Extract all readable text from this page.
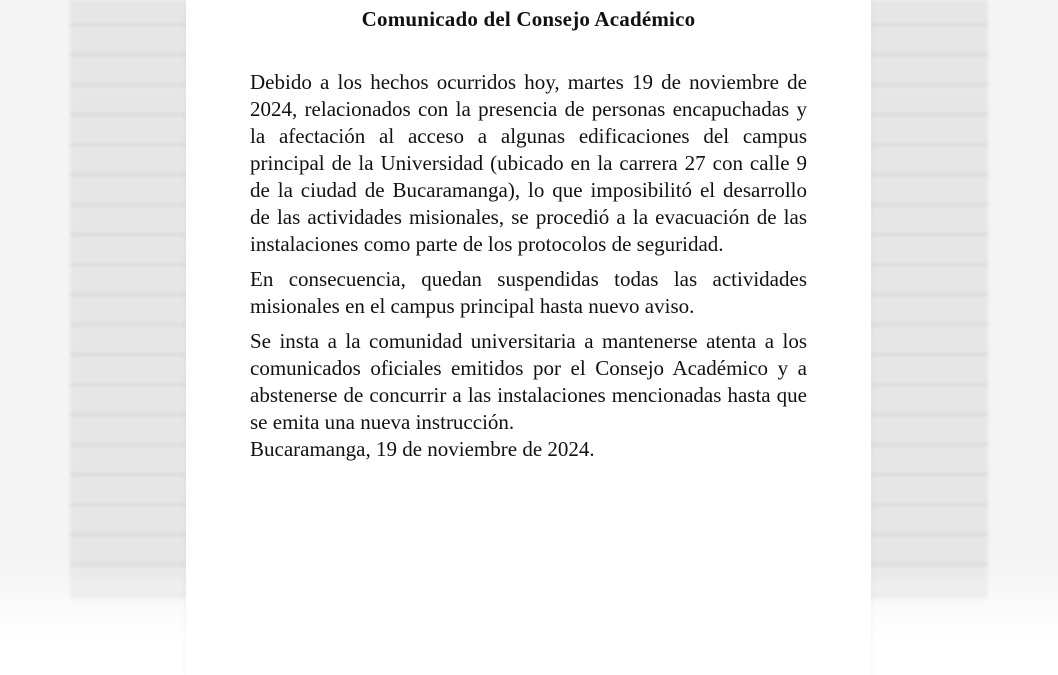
Comunicado del Consejo Académico

Debido a los hechos ocurridos hoy, martes 19 de noviembre de 2024, relacionados con la presencia de personas encapuchadas y la afectación al acceso a algunas edificaciones del campus principal de la Universidad (ubicado en la carrera 27 con calle 9 de la ciudad de Bucaramanga), lo que imposibilitó el desarrollo de las actividades misionales, se procedió a la evacuación de las instalaciones como parte de los protocolos de seguridad.

En consecuencia, quedan suspendidas todas las actividades misionales en el campus principal hasta nuevo aviso.

Se insta a la comunidad universitaria a mantenerse atenta a los comunicados oficiales emitidos por el Consejo Académico y a abstenerse de concurrir a las instalaciones mencionadas hasta que se emita una nueva instrucción.

Bucaramanga, 19 de noviembre de 2024.
